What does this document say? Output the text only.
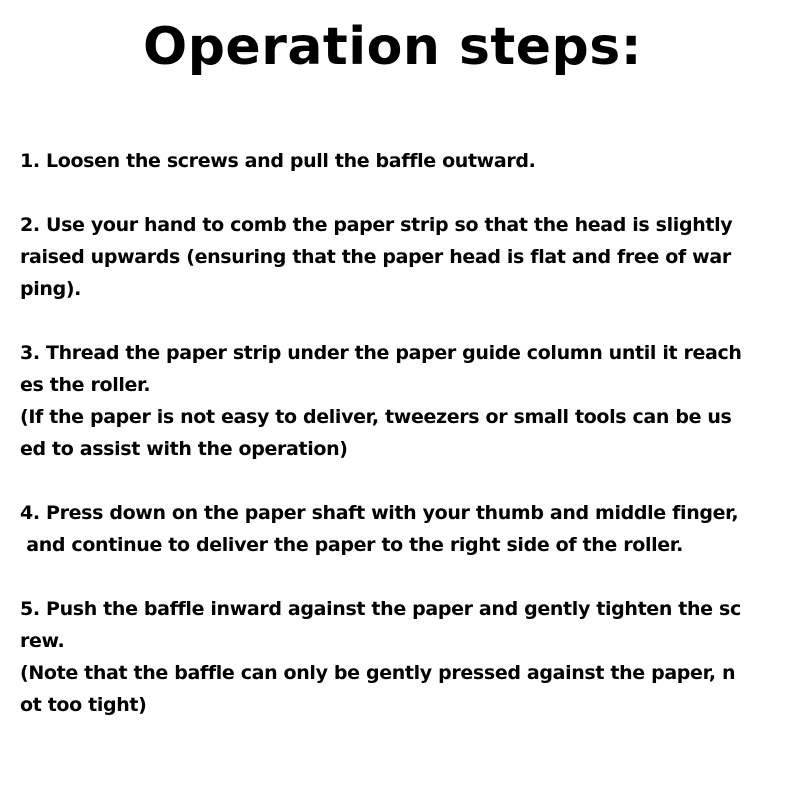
Operation steps:
1. Loosen the screws and pull the baffle outward.
2. Use your hand to comb the paper strip so that the head is slightly
raised upwards (ensuring that the paper head is flat and free of war
ping).
3. Thread the paper strip under the paper guide column until it reach
es the roller.
(If the paper is not easy to deliver, tweezers or small tools can be us
ed to assist with the operation)
4. Press down on the paper shaft with your thumb and middle finger,
and continue to deliver the paper to the right side of the roller.
5. Push the baffle inward against the paper and gently tighten the sc
rew.
(Note that the baffle can only be gently pressed against the paper, n
ot too tight)
